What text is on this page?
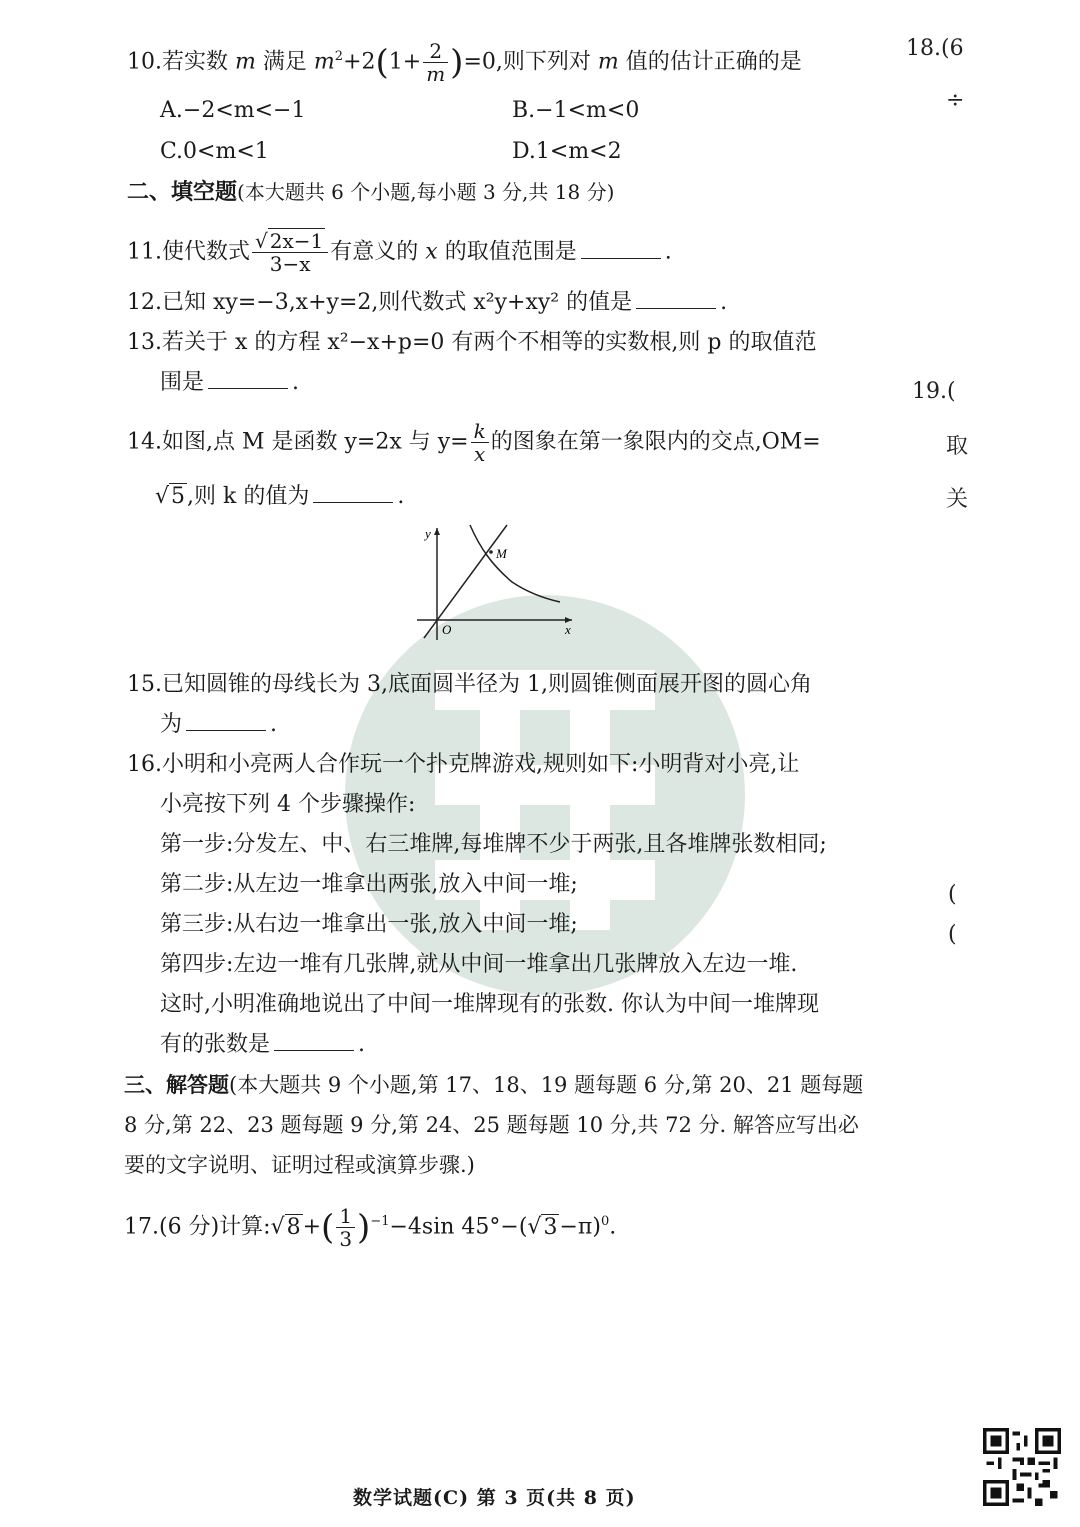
10.若实数 m 满足 $m^2+2(1+ \frac{2}{m} )=0$,则下列对 m 值的估计正确的是
A.−2<m<−1	B.−1<m<0
C.0<m<1	D.1<m<2
二、填空题(本大题共 6 个小题,每小题 3 分,共 18 分)
11.使代数式 $\frac{√ 2x-1}{3-x}$ 有意义的 x 的取值范围是	.
12.已知 xy=−3,x+y=2,则代数式 x²y+xy² 的值是	.
13.若关于 x 的方程 x²−x+p=0 有两个不相等的实数根,则 p 的取值范
围是	.
14.如图,点 M 是函数 y=2x 与 $y= \frac{k}{x}$ 的图象在第一象限内的交点,OM=
√5,则 k 的值为	.
y
x
O
M
15.已知圆锥的母线长为 3,底面圆半径为 1,则圆锥侧面展开图的圆心角
为	.
16.小明和小亮两人合作玩一个扑克牌游戏,规则如下:小明背对小亮,让
小亮按下列 4 个步骤操作:
第一步:分发左、中、右三堆牌,每堆牌不少于两张,且各堆牌张数相同;
第二步:从左边一堆拿出两张,放入中间一堆;
第三步:从右边一堆拿出一张,放入中间一堆;
第四步:左边一堆有几张牌,就从中间一堆拿出几张牌放入左边一堆.
这时,小明准确地说出了中间一堆牌现有的张数. 你认为中间一堆牌现
有的张数是	.
三、解答题(本大题共 9 个小题,第 17、18、19 题每题 6 分,第 20、21 题每题
8 分,第 22、23 题每题 9 分,第 24、25 题每题 10 分,共 72 分. 解答应写出必
要的文字说明、证明过程或演算步骤.)
17.(6 分)计算:√8+( $\frac{1}{3} )^{-1}-4\sin$ $45^\circ-(√3-\pi)^0$.
18.(6
÷
19.(
取
关
(
(
数学试题(C) 第 3 页(共 8 页)
